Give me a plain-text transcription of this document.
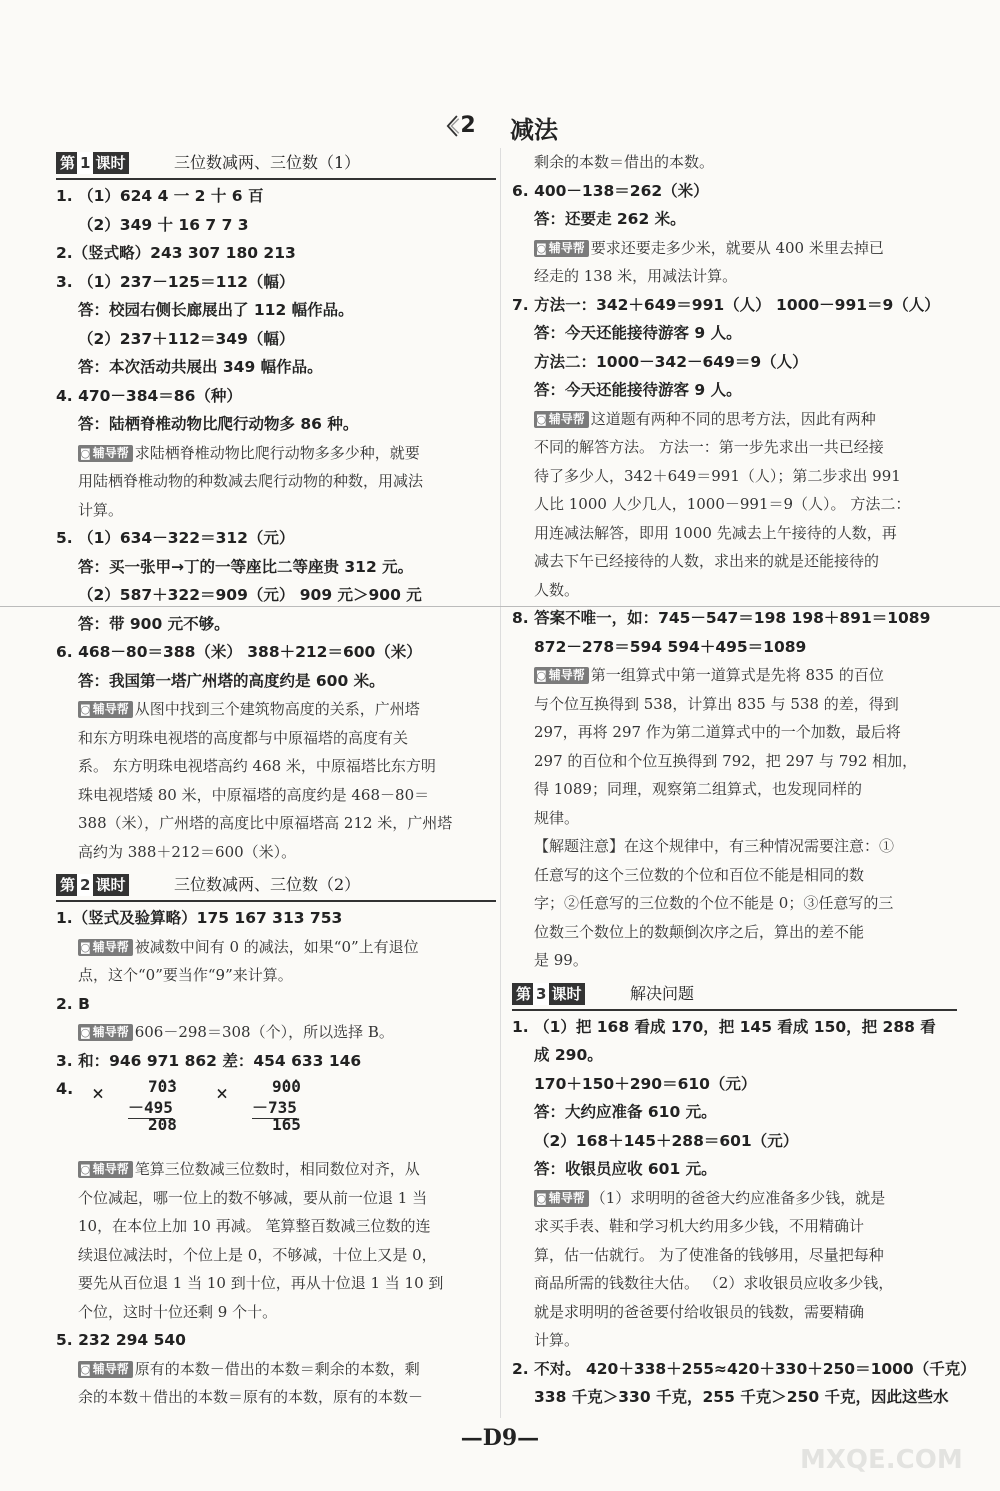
2	减法
第 1 课时	三位数减两、三位数（1）
1. （1）624 4 一 2 十 6 百
（2）349 十 16 7 7 3
2.（竖式略）243 307 180 213
3. （1）237－125＝112（幅）
答：校园右侧长廊展出了 112 幅作品。
（2）237＋112＝349（幅）
答：本次活动共展出 349 幅作品。
4. 470－384＝86（种）
答：陆栖脊椎动物比爬行动物多 86 种。
◙ 辅导帮 求陆栖脊椎动物比爬行动物多多少种，就要
用陆栖脊椎动物的种数减去爬行动物的种数，用减法
计算。
5. （1）634－322＝312（元）
答：买一张甲→丁的一等座比二等座贵 312 元。
（2）587＋322＝909（元） 909 元＞900 元
答：带 900 元不够。
6. 468－80＝388（米） 388＋212＝600（米）
答：我国第一塔广州塔的高度约是 600 米。
◙ 辅导帮 从图中找到三个建筑物高度的关系，广州塔
和东方明珠电视塔的高度都与中原福塔的高度有关
系。 东方明珠电视塔高约 468 米，中原福塔比东方明
珠电视塔矮 80 米，中原福塔的高度约是 468－80＝
388（米），广州塔的高度比中原福塔高 212 米，广州塔
高约为 388＋212＝600（米）。
第 2 课时	三位数减两、三位数（2）
1.（竖式及验算略）175 167 313 753
◙ 辅导帮 被减数中间有 0 的减法，如果“0”上有退位
点，这个“0”要当作“9”来计算。
2. B
◙ 辅导帮 606－298＝308（个），所以选择 B。
3. 和：946 971 862 差：454 633 146
4. ×	7̇0̇3
－495
208
×	9̇0̇0
－735
165
◙ 辅导帮 笔算三位数减三位数时，相同数位对齐，从
个位减起，哪一位上的数不够减，要从前一位退 1 当
10，在本位上加 10 再减。 笔算整百数减三位数的连
续退位减法时，个位上是 0，不够减，十位上又是 0，
要先从百位退 1 当 10 到十位，再从十位退 1 当 10 到
个位，这时十位还剩 9 个十。
5. 232 294 540
◙ 辅导帮 原有的本数－借出的本数＝剩余的本数，剩
余的本数＋借出的本数＝原有的本数，原有的本数－
剩余的本数＝借出的本数。
6. 400－138＝262（米）
答：还要走 262 米。
◙ 辅导帮 要求还要走多少米，就要从 400 米里去掉已
经走的 138 米，用减法计算。
7. 方法一：342＋649＝991（人） 1000－991＝9（人）
答：今天还能接待游客 9 人。
方法二：1000－342－649＝9（人）
答：今天还能接待游客 9 人。
◙ 辅导帮 这道题有两种不同的思考方法，因此有两种
不同的解答方法。 方法一：第一步先求出一共已经接
待了多少人，342＋649＝991（人）；第二步求出 991
人比 1000 人少几人，1000－991＝9（人）。 方法二：
用连减法解答，即用 1000 先减去上午接待的人数，再
减去下午已经接待的人数，求出来的就是还能接待的
人数。
8. 答案不唯一，如：745－547＝198 198＋891＝1089
872－278＝594 594＋495＝1089
◙ 辅导帮 第一组算式中第一道算式是先将 835 的百位
与个位互换得到 538，计算出 835 与 538 的差，得到
297，再将 297 作为第二道算式中的一个加数，最后将
297 的百位和个位互换得到 792，把 297 与 792 相加，
得 1089；同理，观察第二组算式，也发现同样的
规律。
【解题注意】在这个规律中，有三种情况需要注意：①
任意写的这个三位数的个位和百位不能是相同的数
字；②任意写的三位数的个位不能是 0；③任意写的三
位数三个数位上的数颠倒次序之后，算出的差不能
是 99。
第 3 课时	解决问题
1. （1）把 168 看成 170，把 145 看成 150，把 288 看
成 290。
170＋150＋290＝610（元）
答：大约应准备 610 元。
（2）168＋145＋288＝601（元）
答：收银员应收 601 元。
◙ 辅导帮 （1）求明明的爸爸大约应准备多少钱，就是
求买手表、鞋和学习机大约用多少钱，不用精确计
算，估一估就行。 为了使准备的钱够用，尽量把每种
商品所需的钱数往大估。 （2）求收银员应收多少钱，
就是求明明的爸爸要付给收银员的钱数，需要精确
计算。
2. 不对。 420＋338＋255≈420＋330＋250＝1000（千克）
338 千克＞330 千克，255 千克＞250 千克，因此这些水
—D9—
MXQE.COM
